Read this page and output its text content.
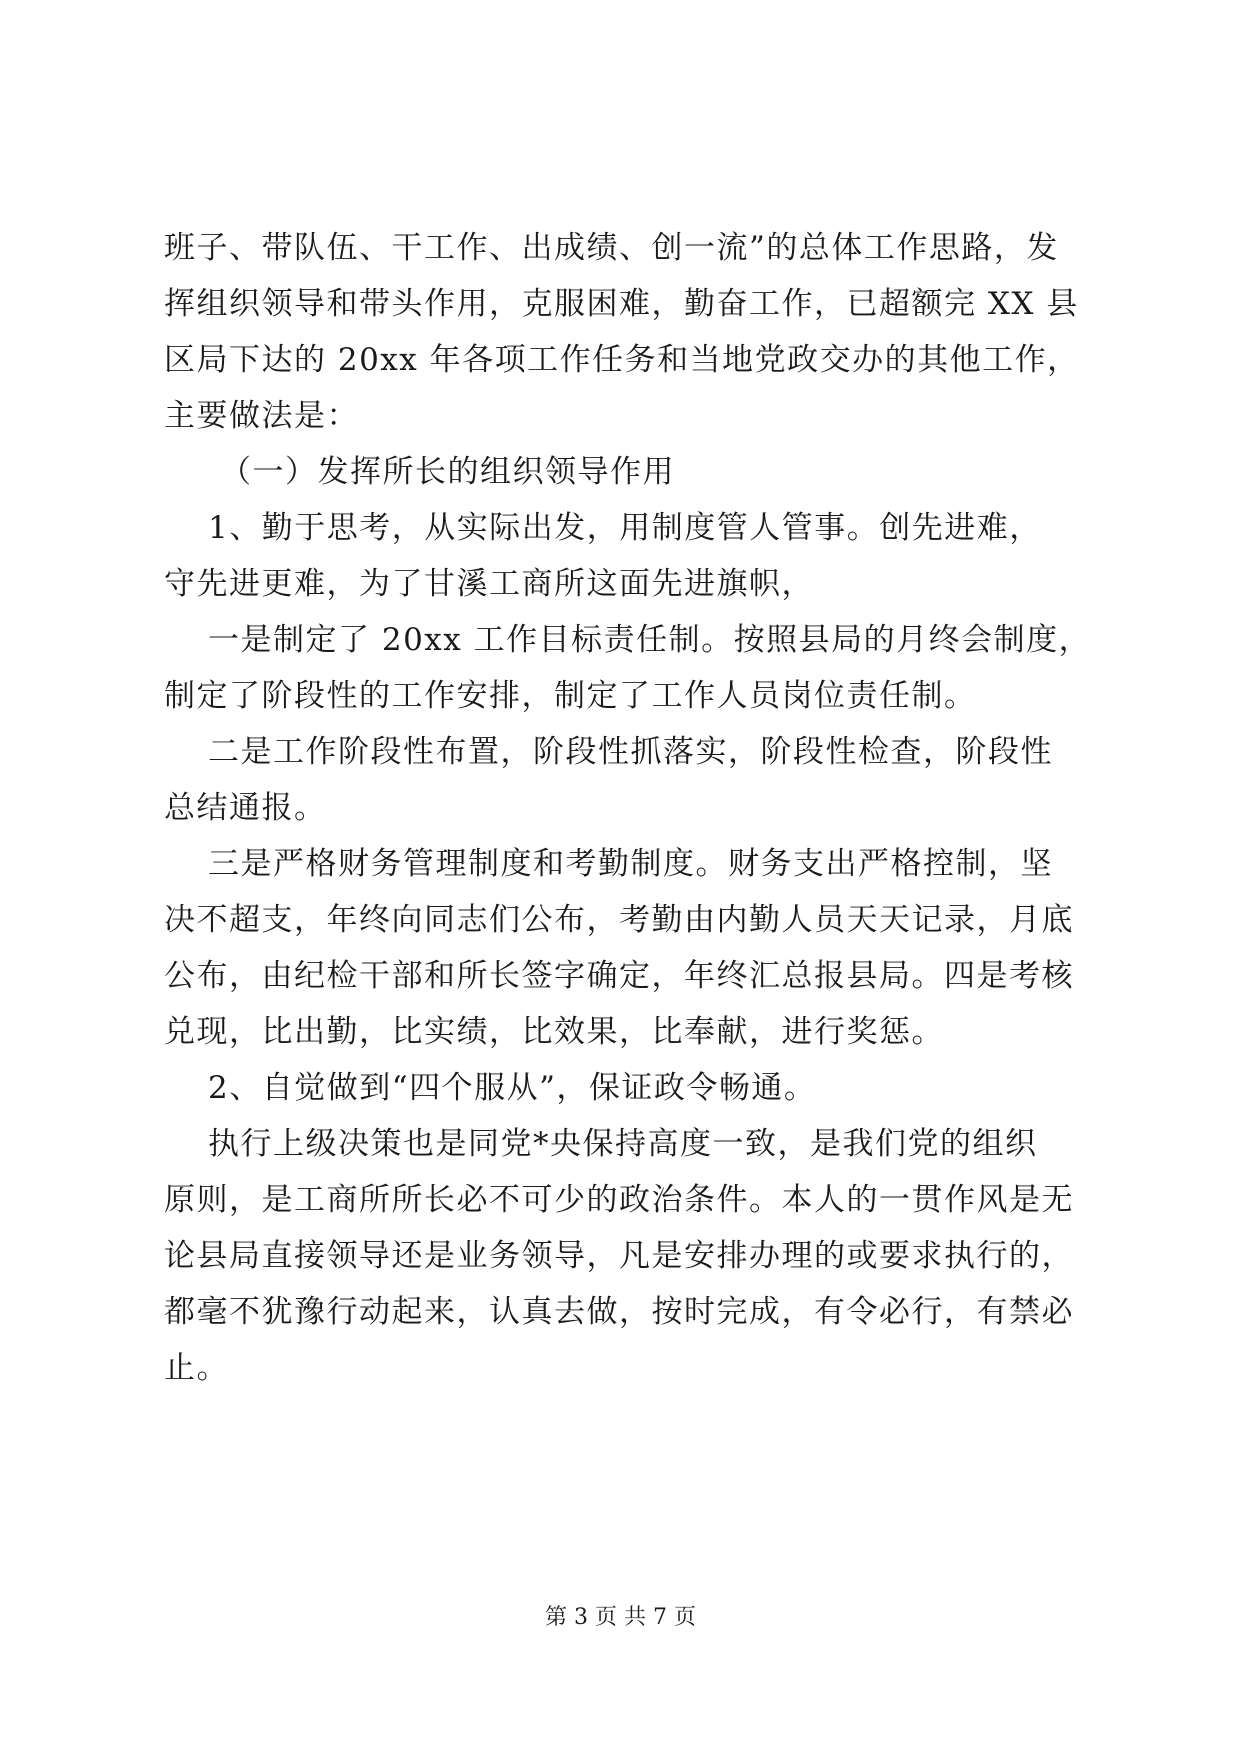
班子、带队伍、干工作、出成绩、创一流”的总体工作思路，发
挥组织领导和带头作用，克服困难，勤奋工作，已超额完 XX 县
区局下达的 20xx 年各项工作任务和当地党政交办的其他工作，
主要做法是：
（一）发挥所长的组织领导作用
1、勤于思考，从实际出发，用制度管人管事。创先进难，
守先进更难，为了甘溪工商所这面先进旗帜，
一是制定了 20xx 工作目标责任制。按照县局的月终会制度，
制定了阶段性的工作安排，制定了工作人员岗位责任制。
二是工作阶段性布置，阶段性抓落实，阶段性检查，阶段性
总结通报。
三是严格财务管理制度和考勤制度。财务支出严格控制，坚
决不超支，年终向同志们公布，考勤由内勤人员天天记录，月底
公布，由纪检干部和所长签字确定，年终汇总报县局。四是考核
兑现，比出勤，比实绩，比效果，比奉献，进行奖惩。
2、自觉做到“四个服从”，保证政令畅通。
执行上级决策也是同党*央保持高度一致，是我们党的组织
原则，是工商所所长必不可少的政治条件。本人的一贯作风是无
论县局直接领导还是业务领导，凡是安排办理的或要求执行的，
都毫不犹豫行动起来，认真去做，按时完成，有令必行，有禁必
止。
第 3 页 共 7 页
